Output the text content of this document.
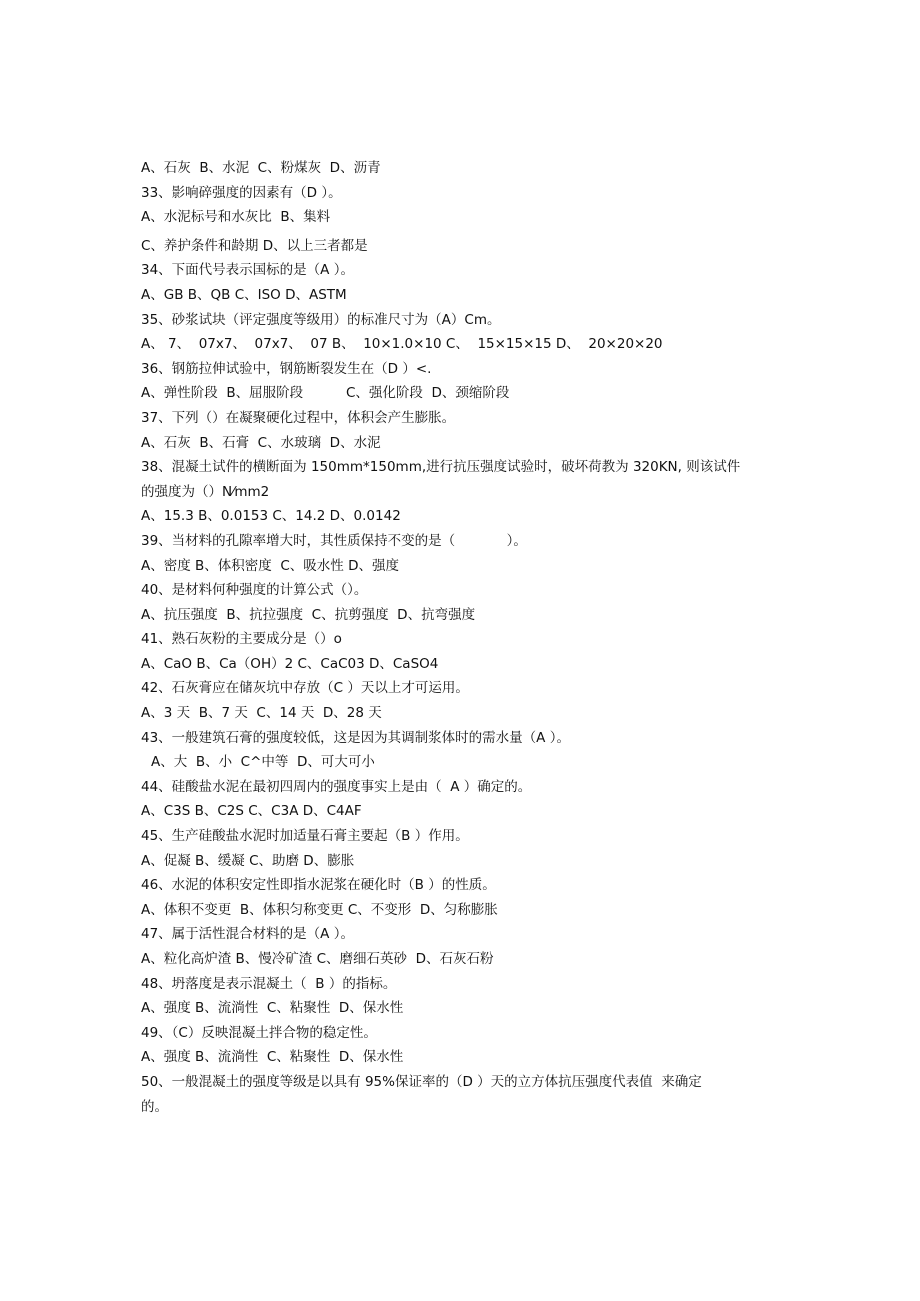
A、石灰  B、水泥  C、粉煤灰  D、沥青
33、影响碎强度的因素有（D ）。
A、水泥标号和水灰比  B、集料
C、养护条件和龄期 D、以上三者都是
34、下面代号表示国标的是（A ）。
A、GB B、QB C、ISO D、ASTM
35、砂浆试块（评定强度等级用）的标准尺寸为（A）Cm。
A、 7、  07x7、  07x7、  07 B、  10×1.0×10 C、  15×15×15 D、  20×20×20
36、钢筋拉伸试验中，钢筋断裂发生在（D ）<.
A、弹性阶段  B、屈服阶段          C、强化阶段  D、颈缩阶段
37、下列（）在凝聚硬化过程中，体积会产生膨胀。
A、石灰  B、石膏  C、水玻璃  D、水泥
38、混凝土试件的横断面为 150mm*150mm,进行抗压强度试验时，破坏荷教为 320KN, 则该试件
的强度为（）N⁄mm2
A、15.3 B、0.0153 C、14.2 D、0.0142
39、当材料的孔隙率增大时，其性质保持不变的是（            ）。
A、密度 B、体积密度  C、吸水性 D、强度
40、是材料何种强度的计算公式（）。
A、抗压强度  B、抗拉强度  C、抗剪强度  D、抗弯强度
41、熟石灰粉的主要成分是（）o
A、CaO B、Ca（OH）2 C、CaC03 D、CaSO4
42、石灰膏应在储灰坑中存放（C ）天以上才可运用。
A、3 天  B、7 天  C、14 天  D、28 天
43、一般建筑石膏的强度较低，这是因为其调制浆体时的需水量（A ）。
A、大  B、小  C^中等  D、可大可小
44、硅酸盐水泥在最初四周内的强度事实上是由（  A ）确定的。
A、C3S B、C2S C、C3A D、C4AF
45、生产硅酸盐水泥时加适量石膏主要起（B ）作用。
A、促凝 B、缓凝 C、助磨 D、膨胀
46、水泥的体积安定性即指水泥浆在硬化时（B ）的性质。
A、体积不变更  B、体积匀称变更 C、不变形  D、匀称膨胀
47、属于活性混合材料的是（A ）。
A、粒化高炉渣 B、慢冷矿渣 C、磨细石英砂  D、石灰石粉
48、坍落度是表示混凝土（  B ）的指标。
A、强度 B、流淌性  C、粘聚性  D、保水性
49、（C）反映混凝土拌合物的稳定性。
A、强度 B、流淌性  C、粘聚性  D、保水性
50、一般混凝土的强度等级是以具有 95%保证率的（D ）天的立方体抗压强度代表值  来确定
的。
